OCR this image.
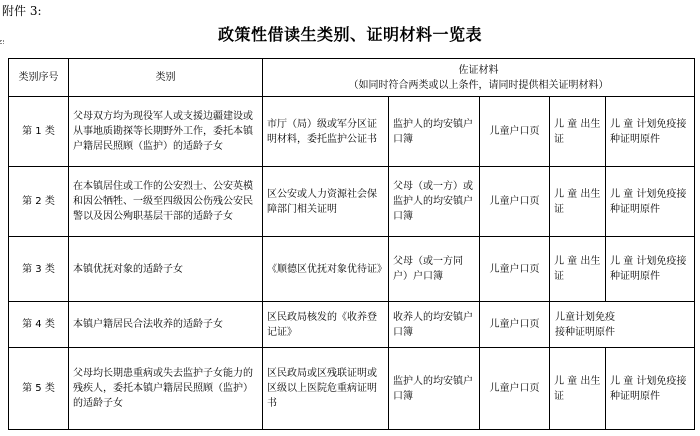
附件 3:
政策性借读生类别、证明材料一览表
类别序号	类别	佐证材料
（如同时符合两类或以上条件，请同时提供相关证明材料）				

第 1 类	父母双方均为现役军人或支援边疆建设或从事地质勘探等长期野外工作，委托本镇户籍居民照顾（监护）的适龄子女	市厅（局）级或军分区证明材料，委托监护公证书	监护人的均安镇户口簿	儿童户口页	儿 童 出生证	儿 童 计划免疫接种证明原件
第 2 类	在本镇居住或工作的公安烈士、公安英模和因公牺牲、一级至四级因公伤残公安民警以及因公殉职基层干部的适龄子女	区公安或人力资源社会保障部门相关证明	父母（或一方）或监护人的均安镇户口簿	儿童户口页	儿 童 出生证	儿 童 计划免疫接种证明原件
第 3 类	本镇优抚对象的适龄子女	《顺德区优抚对象优待证》	父母（或一方同户）户口簿	儿童户口页	儿 童 出生证	儿 童 计划免疫接种证明原件
第 4 类	本镇户籍居民合法收养的适龄子女	区民政局核发的《收养登记证》	收养人的均安镇户口簿	儿童户口页	儿童计划免疫接种证明原件	

第 5 类	父母均长期患重病或失去监护子女能力的残疾人，委托本镇户籍居民照顾（监护）的适龄子女	区民政局或区残联证明或区级以上医院危重病证明书	监护人的均安镇户口簿	儿童户口页	儿 童 出生证	儿 童 计划免疫接种证明原件
